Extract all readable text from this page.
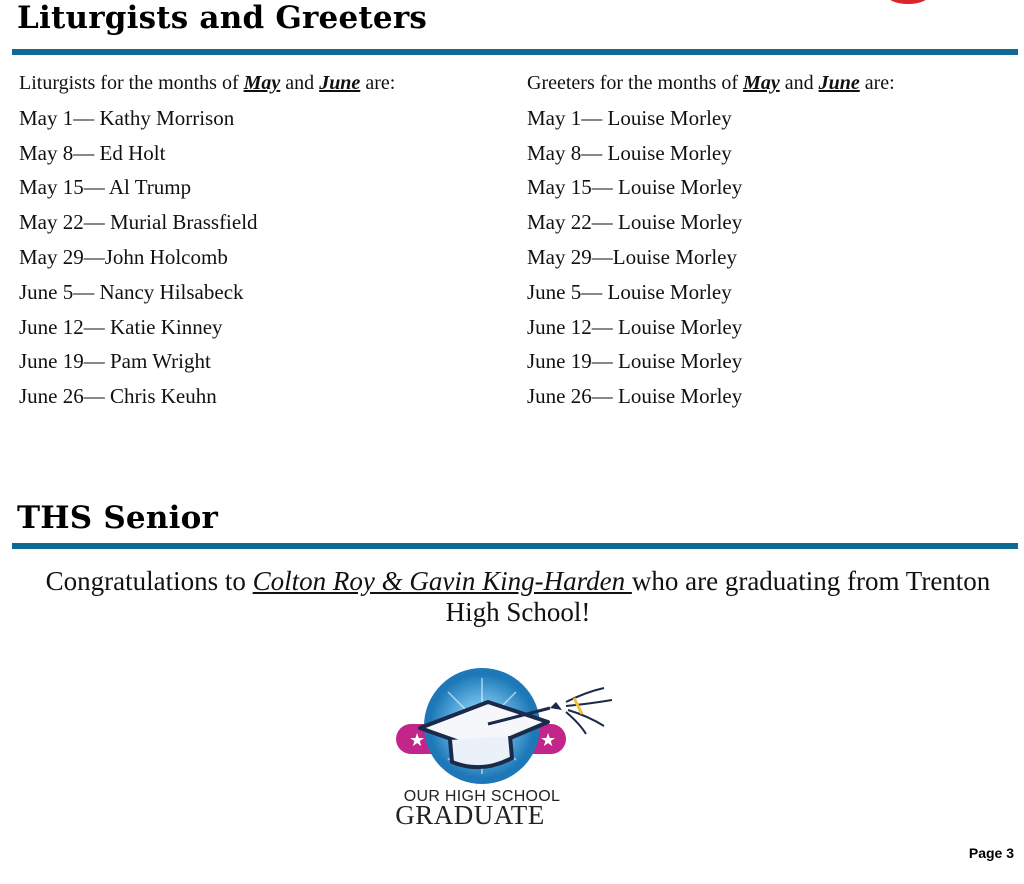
Liturgists and Greeters
Liturgists for the months of May and June are:
May 1— Kathy Morrison
May 8— Ed Holt
May 15— Al Trump
May 22— Murial Brassfield
May 29—John Holcomb
June 5— Nancy Hilsabeck
June 12— Katie Kinney
June 19— Pam Wright
June 26— Chris Keuhn
Greeters for the months of May and June are:
May 1— Louise Morley
May 8— Louise Morley
May 15— Louise Morley
May 22— Louise Morley
May 29—Louise Morley
June 5— Louise Morley
June 12— Louise Morley
June 19— Louise Morley
June 26— Louise Morley
THS Senior
Congratulations to Colton Roy & Gavin King-Harden who are graduating from Trenton High School!
★	★
OUR HIGH SCHOOL
GRADUATE
Page 3
